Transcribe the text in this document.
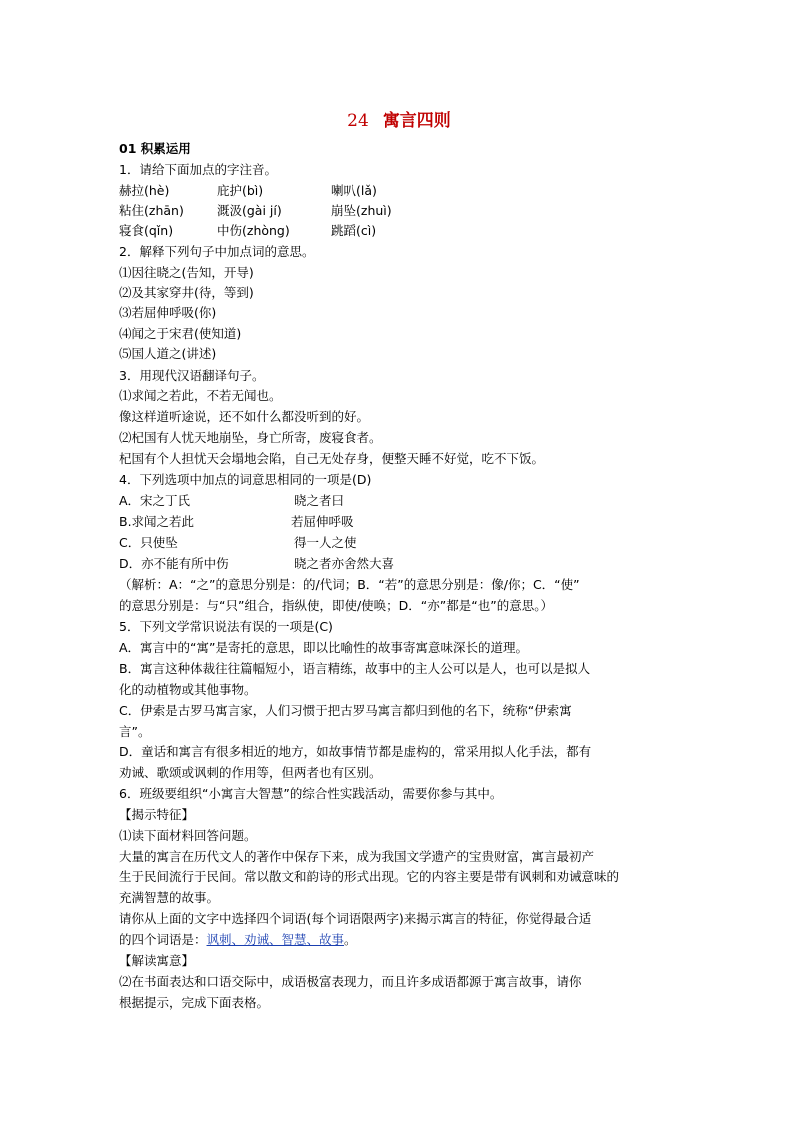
24 寓言四则
01 积累运用
1．请给下面加点的字注音。
赫拉(hè)	庇护(bì)	喇叭(lǎ)
粘住(zhān)	溉汲(gài jí)	崩坠(zhuì)
寝食(qǐn)	中伤(zhòng)	跳蹈(cì)
2．解释下列句子中加点词的意思。
⑴因往晓之(告知，开导)
⑵及其家穿井(待，等到)
⑶若屈伸呼吸(你)
⑷闻之于宋君(使知道)
⑸国人道之(讲述)
3．用现代汉语翻译句子。
⑴求闻之若此，不若无闻也。
像这样道听途说，还不如什么都没听到的好。
⑵杞国有人忧天地崩坠，身亡所寄，废寝食者。
杞国有个人担忧天会塌地会陷，自己无处存身，便整天睡不好觉，吃不下饭。
4．下列选项中加点的词意思相同的一项是(D)
A．宋之丁氏	晓之者曰
B.求闻之若此	若屈伸呼吸
C．只使坠	得一人之使
D．亦不能有所中伤	晓之者亦舍然大喜
（解析：A：“之”的意思分别是：的/代词；B．“若”的意思分别是：像/你；C．“使”
的意思分别是：与“只”组合，指纵使，即使/使唤；D．“亦”都是“也”的意思。）
5．下列文学常识说法有误的一项是(C)
A．寓言中的“寓”是寄托的意思，即以比喻性的故事寄寓意味深长的道理。
B．寓言这种体裁往往篇幅短小，语言精练，故事中的主人公可以是人，也可以是拟人
化的动植物或其他事物。
C．伊索是古罗马寓言家，人们习惯于把古罗马寓言都归到他的名下，统称“伊索寓
言”。
D．童话和寓言有很多相近的地方，如故事情节都是虚构的，常采用拟人化手法，都有
劝诫、歌颂或讽刺的作用等，但两者也有区别。
6．班级要组织“小寓言大智慧”的综合性实践活动，需要你参与其中。
【揭示特征】
⑴读下面材料回答问题。
大量的寓言在历代文人的著作中保存下来，成为我国文学遗产的宝贵财富，寓言最初产
生于民间流行于民间。常以散文和韵诗的形式出现。它的内容主要是带有讽刺和劝诫意味的
充满智慧的故事。
请你从上面的文字中选择四个词语(每个词语限两字)来揭示寓言的特征，你觉得最合适
的四个词语是：讽刺、劝诫、智慧、故事。
【解读寓意】
⑵在书面表达和口语交际中，成语极富表现力，而且许多成语都源于寓言故事，请你
根据提示，完成下面表格。
